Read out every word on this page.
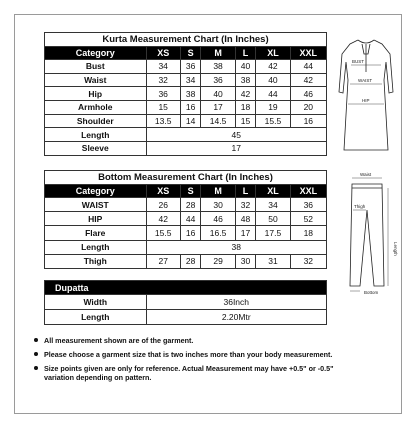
Kurta Measurement Chart (In Inches)						
Category	XS	S	M	L	XL	XXL
Bust	34	36	38	40	42	44
Waist	32	34	36	38	40	42
Hip	36	38	40	42	44	46
Armhole	15	16	17	18	19	20
Shoulder	13.5	14	14.5	15	15.5	16
Length	45					
Sleeve	17					
BUST
WAIST
HIP
Bottom Measurement Chart (In Inches)						
Category	XS	S	M	L	XL	XXL
WAIST	26	28	30	32	34	36
HIP	42	44	46	48	50	52
Flare	15.5	16	16.5	17	17.5	18
Length	38					
Thigh	27	28	29	30	31	32
Waist
Thigh
Length
Bottom
Dupatta	
Width	36Inch
Length	2.20Mtr
All measurement shown are of the garment.
Please choose a garment size that is two inches more than your body measurement.
Size points given are only for reference. Actual Measurement may have +0.5" or -0.5" variation depending on pattern.
